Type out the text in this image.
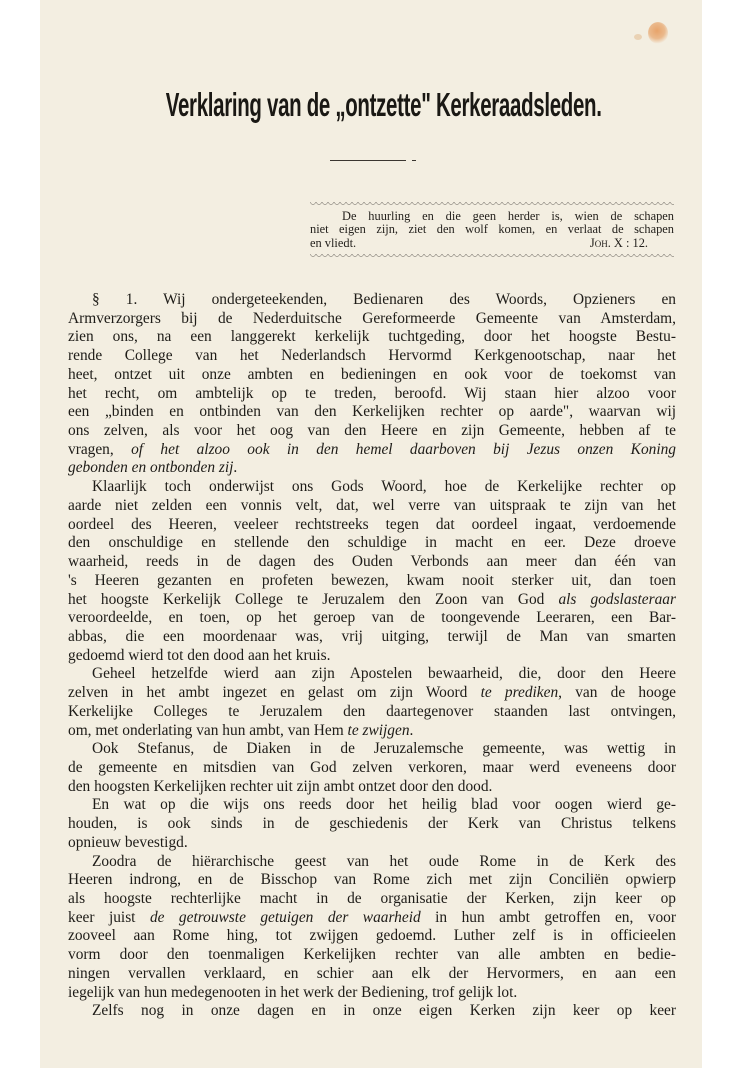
Verklaring van de „ontzette" Kerkeraadsleden.
De huurling en die geen herder is, wien de schapen
niet eigen zijn, ziet den wolf komen, en verlaat de schapen
en vliedt.	Joh. X : 12.
§ 1. Wij ondergeteekenden, Bedienaren des Woords, Opzieners en
Armverzorgers bij de Nederduitsche Gereformeerde Gemeente van Amsterdam,
zien ons, na een langgerekt kerkelijk tuchtgeding, door het hoogste Bestu-
rende College van het Nederlandsch Hervormd Kerkgenootschap, naar het
heet, ontzet uit onze ambten en bedieningen en ook voor de toekomst van
het recht, om ambtelijk op te treden, beroofd. Wij staan hier alzoo voor
een „binden en ontbinden van den Kerkelijken rechter op aarde", waarvan wij
ons zelven, als voor het oog van den Heere en zijn Gemeente, hebben af te
vragen, of het alzoo ook in den hemel daarboven bij Jezus onzen Koning
gebonden en ontbonden zij.
Klaarlijk toch onderwijst ons Gods Woord, hoe de Kerkelijke rechter op
aarde niet zelden een vonnis velt, dat, wel verre van uitspraak te zijn van het
oordeel des Heeren, veeleer rechtstreeks tegen dat oordeel ingaat, verdoemende
den onschuldige en stellende den schuldige in macht en eer. Deze droeve
waarheid, reeds in de dagen des Ouden Verbonds aan meer dan één van
's Heeren gezanten en profeten bewezen, kwam nooit sterker uit, dan toen
het hoogste Kerkelijk College te Jeruzalem den Zoon van God als godslasteraar
veroordeelde, en toen, op het geroep van de toongevende Leeraren, een Bar-
abbas, die een moordenaar was, vrij uitging, terwijl de Man van smarten
gedoemd wierd tot den dood aan het kruis.
Geheel hetzelfde wierd aan zijn Apostelen bewaarheid, die, door den Heere
zelven in het ambt ingezet en gelast om zijn Woord te prediken, van de hooge
Kerkelijke Colleges te Jeruzalem den daartegenover staanden last ontvingen,
om, met onderlating van hun ambt, van Hem te zwijgen.
Ook Stefanus, de Diaken in de Jeruzalemsche gemeente, was wettig in
de gemeente en mitsdien van God zelven verkoren, maar werd eveneens door
den hoogsten Kerkelijken rechter uit zijn ambt ontzet door den dood.
En wat op die wijs ons reeds door het heilig blad voor oogen wierd ge-
houden, is ook sinds in de geschiedenis der Kerk van Christus telkens
opnieuw bevestigd.
Zoodra de hiërarchische geest van het oude Rome in de Kerk des
Heeren indrong, en de Bisschop van Rome zich met zijn Conciliën opwierp
als hoogste rechterlijke macht in de organisatie der Kerken, zijn keer op
keer juist de getrouwste getuigen der waarheid in hun ambt getroffen en, voor
zooveel aan Rome hing, tot zwijgen gedoemd. Luther zelf is in officieelen
vorm door den toenmaligen Kerkelijken rechter van alle ambten en bedie-
ningen vervallen verklaard, en schier aan elk der Hervormers, en aan een
iegelijk van hun medegenooten in het werk der Bediening, trof gelijk lot.
Zelfs nog in onze dagen en in onze eigen Kerken zijn keer op keer
